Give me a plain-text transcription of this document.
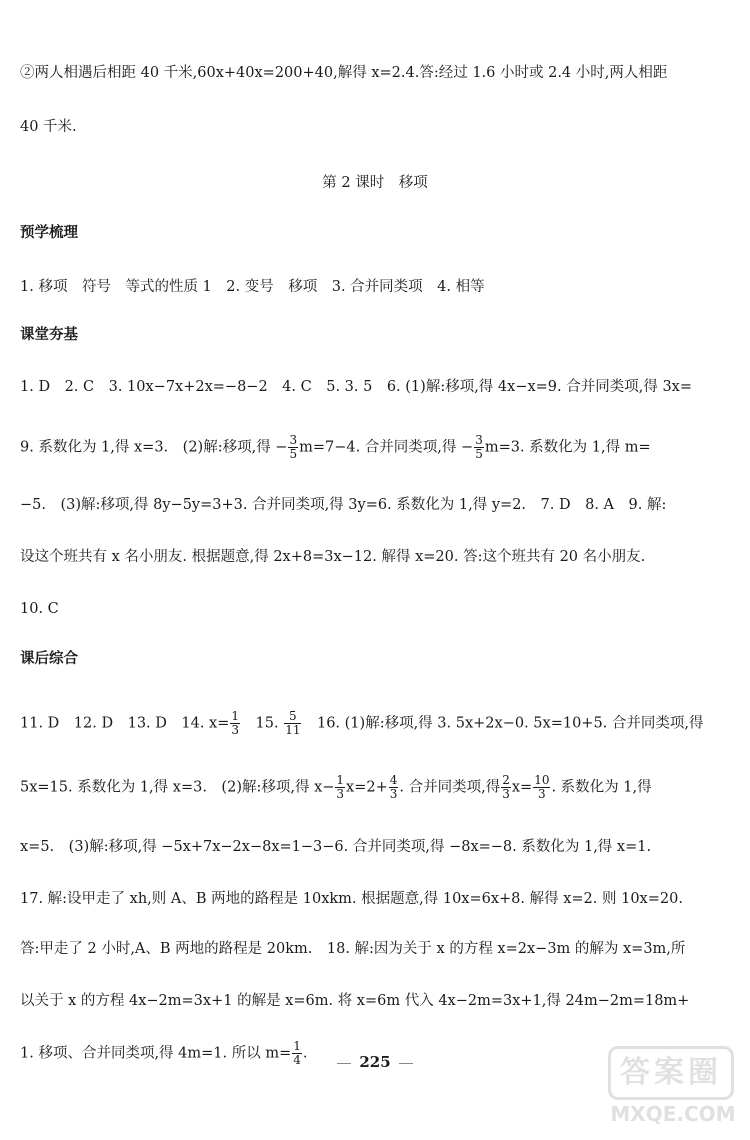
②两人相遇后相距 40 千米,60x+40x=200+40,解得 x=2.4.答:经过 1.6 小时或 2.4 小时,两人相距
40 千米.
第 2 课时　移项
预学梳理
1. 移项　符号　等式的性质 1　2. 变号　移项　3. 合并同类项　4. 相等
课堂夯基
1. D　2. C　3. 10x−7x+2x=−8−2　4. C　5. 3. 5　6. (1)解:移项,得 4x−x=9. 合并同类项,得 3x=
9. 系数化为 1,得 x=3.　(2)解:移项,得 − $\frac{3}{5} m=7-4$. 合并同类项,得 − $\frac{3}{5} m=3$. 系数化为 1,得 m=
−5.　(3)解:移项,得 8y−5y=3+3. 合并同类项,得 3y=6. 系数化为 1,得 y=2.　7. D　8. A　9. 解:
设这个班共有 x 名小朋友. 根据题意,得 2x+8=3x−12. 解得 x=20. 答:这个班共有 20 名小朋友.
10. C
课后综合
11. D　12. D　13. D　14. $x= \frac{1}{3}$ 　15. $\frac{5}{11}$ 　16. (1)解:移项,得 3. 5x+2x−0. 5x=10+5. 合并同类项,得
5x=15. 系数化为 1,得 x=3.　(2)解:移项,得 $x- \frac{1}{3} x=2+ \frac{4}{3}$ . 合并同类项,得 $\frac{2}{3} x= \frac{10}{3}$ . 系数化为 1,得
x=5.　(3)解:移项,得 −5x+7x−2x−8x=1−3−6. 合并同类项,得 −8x=−8. 系数化为 1,得 x=1.
17. 解:设甲走了 xh,则 A、B 两地的路程是 10xkm. 根据题意,得 10x=6x+8. 解得 x=2. 则 10x=20.
答:甲走了 2 小时,A、B 两地的路程是 20km.　18. 解:因为关于 x 的方程 x=2x−3m 的解为 x=3m,所
以关于 x 的方程 4x−2m=3x+1 的解是 x=6m. 将 x=6m 代入 4x−2m=3x+1,得 24m−2m=18m+
1. 移项、合并同类项,得 4m=1. 所以 $m= \frac{1}{4}$ .	225	答案圈
MXQE.COM
